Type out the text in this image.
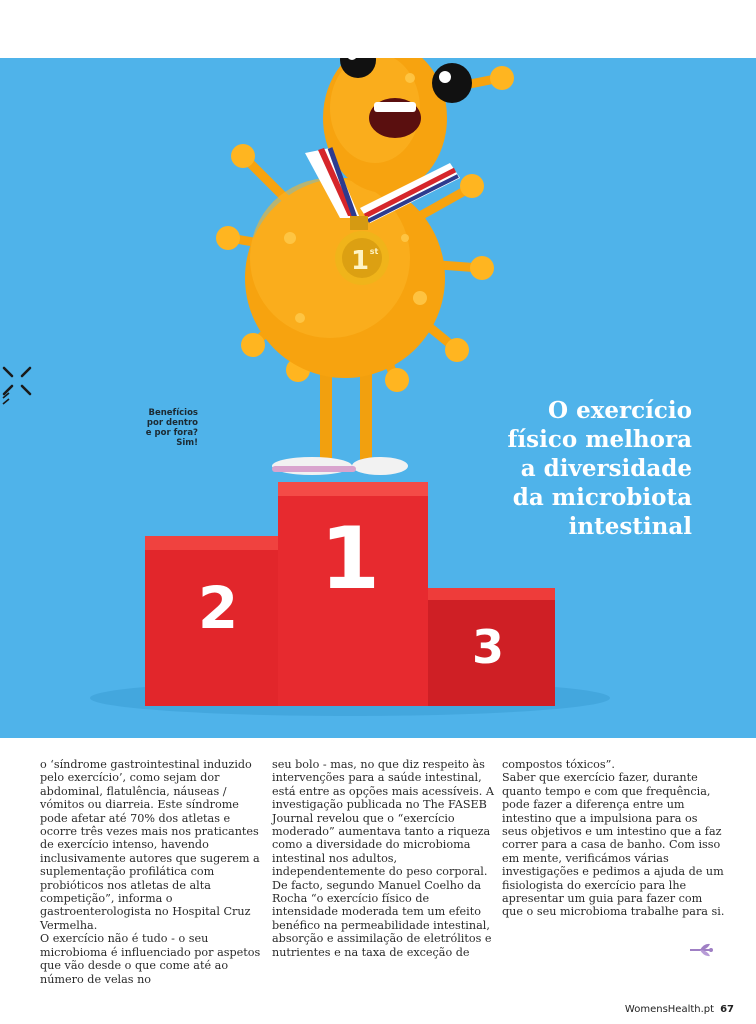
2 1
3
1 st
O exercício
físico melhora
a diversidade
da microbiota
intestinal
Benefícios
por dentro
e por fora?
Sim!

o ‘síndrome gastrointestinal induzido pelo exercício’, como sejam dor abdominal, flatulência, náuseas / vómitos ou diarreia. Este síndrome pode afetar até 70% dos atletas e ocorre três vezes mais nos praticantes de exercício intenso, havendo inclusivamente autores que sugerem a suplementação profilática com probióticos nos atletas de alta competição”, informa o gastroenterologista no Hospital Cruz Vermelha.

O exercício não é tudo - o seu microbioma é influenciado por aspetos que vão desde o que come até ao número de velas no

seu bolo - mas, no que diz respeito às intervenções para a saúde intestinal, está entre as opções mais acessíveis. A investigação publicada no The FASEB Journal revelou que o “exercício moderado” aumentava tanto a riqueza como a diversidade do microbioma intestinal nos adultos, independentemente do peso corporal. De facto, segundo Manuel Coelho da Rocha “o exercício físico de intensidade moderada tem um efeito benéfico na permeabilidade intestinal, absorção e assimilação de eletrólitos e nutrientes e na taxa de exceção de

compostos tóxicos”.

Saber que exercício fazer, durante quanto tempo e com que frequência, pode fazer a diferença entre um intestino que a impulsiona para os seus objetivos e um intestino que a faz correr para a casa de banho. Com isso em mente, verificámos várias investigações e pedimos a ajuda de um fisiologista do exercício para lhe apresentar um guia para fazer com que o seu microbioma trabalhe para si.

WomensHealth.pt 67
